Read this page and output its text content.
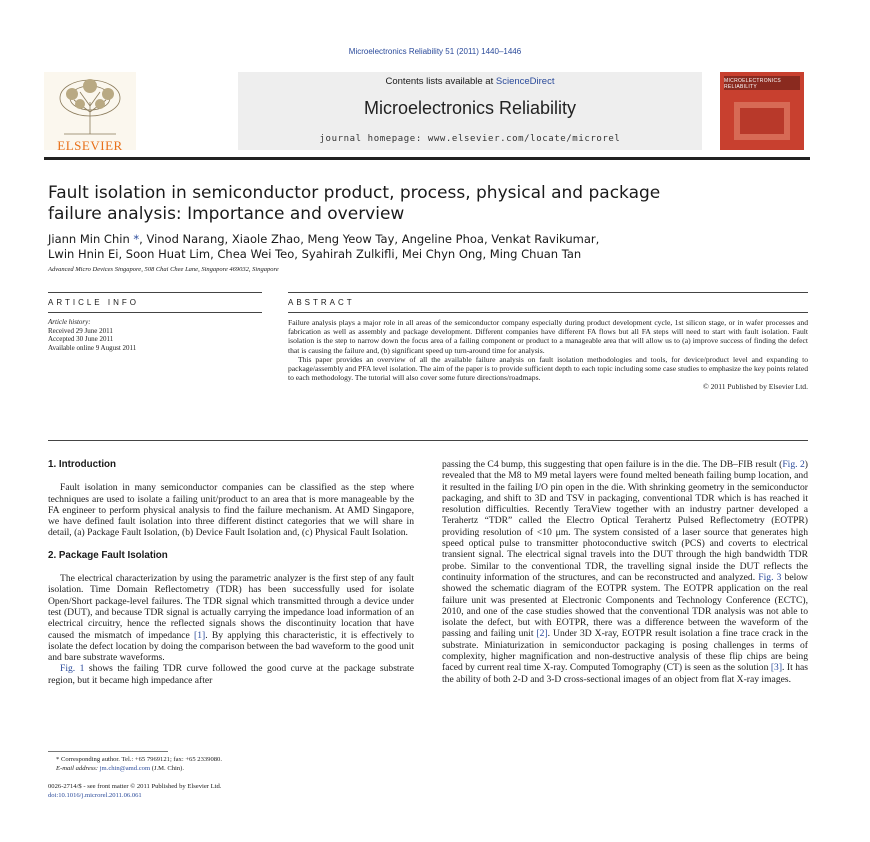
Microelectronics Reliability 51 (2011) 1440–1446
ELSEVIER
Contents lists available at ScienceDirect
Microelectronics Reliability
journal homepage: www.elsevier.com/locate/microrel
MICROELECTRONICS RELIABILITY
Fault isolation in semiconductor product, process, physical and package
failure analysis: Importance and overview
Jiann Min Chin *, Vinod Narang, Xiaole Zhao, Meng Yeow Tay, Angeline Phoa, Venkat Ravikumar,
Lwin Hnin Ei, Soon Huat Lim, Chea Wei Teo, Syahirah Zulkifli, Mei Chyn Ong, Ming Chuan Tan
Advanced Micro Devices Singapore, 508 Chai Chee Lane, Singapore 469032, Singapore
ARTICLE INFO	ABSTRACT
Article history:
Received 29 June 2011
Accepted 30 June 2011
Available online 9 August 2011

Failure analysis plays a major role in all areas of the semiconductor company especially during product development cycle, 1st silicon stage, or in wafer processes and fabrication as well as assembly and package development. Different companies have different FA flows but all FA steps will need to start with fault isolation. Fault isolation is the step to narrow down the focus area of a failing component or product to a manageable area that will allow us to (a) improve success of finding the defect that is causing the failure and, (b) significant speed up turn-around time for analysis.

This paper provides an overview of all the available failure analysis on fault isolation methodologies and tools, for device/product level and expanding to package/assembly and PFA level isolation. The aim of the paper is to provide sufficient depth to each topic including some case studies to emphasize the key points related to each methodology. The tutorial will also cover some future directions/roadmaps.

© 2011 Published by Elsevier Ltd.
1. Introduction

Fault isolation in many semiconductor companies can be classified as the step where techniques are used to isolate a failing unit/product to an area that is more manageable by the FA engineer to perform physical analysis to find the failure mechanism. At AMD Singapore, we have defined fault isolation into three different distinct categories that we will share in detail, (a) Package Fault Isolation, (b) Device Fault Isolation and, (c) Physical Fault Isolation.

2. Package Fault Isolation

The electrical characterization by using the parametric analyzer is the first step of any fault isolation. Time Domain Reflectometry (TDR) has been successfully used for isolate Open/Short package-level failures. The TDR signal which transmitted through a device under test (DUT), and because TDR signal is actually carrying the impedance load information of an electrical circuitry, hence the reflected signals shows the discontinuity location that have caused the mismatch of impedance [1]. By applying this characteristic, it is effectively to isolate the defect location by doing the comparison between the bad waveform to the good unit and bare substrate waveforms.

Fig. 1 shows the failing TDR curve followed the good curve at the package substrate region, but it became high impedance after

* Corresponding author. Tel.: +65 7969121; fax: +65 2339080.
E-mail address: jm.chin@amd.com (J.M. Chin).
0026-2714/$ - see front matter © 2011 Published by Elsevier Ltd.
doi:10.1016/j.microrel.2011.06.061

passing the C4 bump, this suggesting that open failure is in the die. The DB–FIB result (Fig. 2) revealed that the M8 to M9 metal layers were found melted beneath failing bump location, and it resulted in the failing I/O pin open in the die. With shrinking geometry in the semiconductor packaging, and shift to 3D and TSV in packaging, conventional TDR which is has reached it resolution difficulties. Recently TeraView together with an industry partner developed a Terahertz “TDR” called the Electro Optical Terahertz Pulsed Reflectometry (EOTPR) providing resolution of <10 μm. The system consisted of a laser source that generates high speed optical pulse to transmitter photoconductive switch (PCS) and coverts to electrical transient signal. The electrical signal travels into the DUT through the high bandwidth TDR probe. Similar to the conventional TDR, the travelling signal inside the DUT reflects the continuity information of the structures, and can be reconstructed and analyzed. Fig. 3 below showed the schematic diagram of the EOTPR system. The EOTPR application on the real failure unit was presented at Electronic Components and Technology Conference (ECTC), 2010, and one of the case studies showed that the conventional TDR analysis was not able to isolate the defect, but with EOTPR, there was a difference between the waveform of the passing and failing unit [2]. Under 3D X-ray, EOTPR result isolation a fine trace crack in the substrate. Miniaturization in semiconductor packaging is posing challenges in terms of complexity, higher magnification and non-destructive analysis of these flip chips are being faced by current real time X-ray. Computed Tomography (CT) is seen as the solution [3]. It has the ability of both 2-D and 3-D cross-sectional images of an object from flat X-ray images.
